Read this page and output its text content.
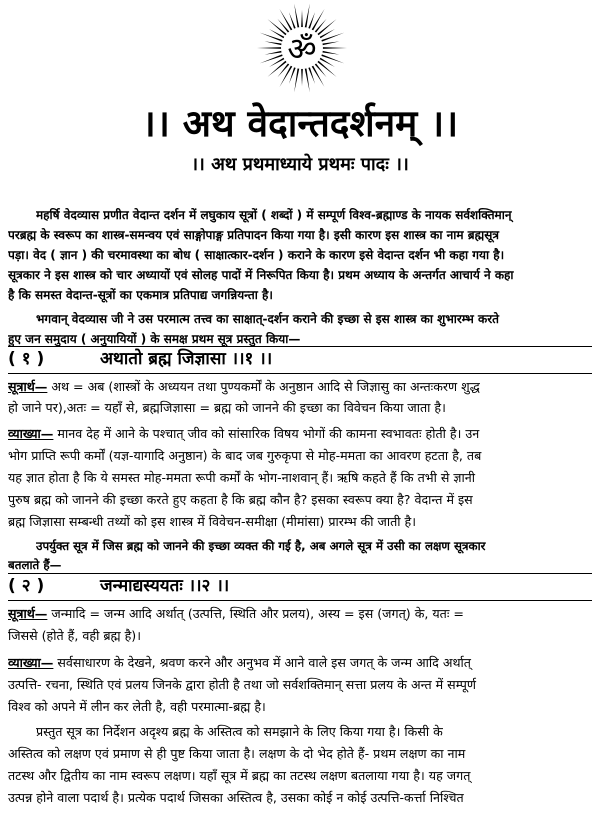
ॐ
।। अथ वेदान्तदर्शनम् ।।
।। अथ प्रथमाध्याये प्रथमः पादः ।।

महर्षि वेदव्यास प्रणीत वेदान्त दर्शन में लघुकाय सूत्रों ( शब्दों ) में सम्पूर्ण विश्व-ब्रह्माण्ड के नायक सर्वशक्तिमान्

परब्रह्म के स्वरूप का शास्त्र-समन्वय एवं साङ्गोपाङ्ग प्रतिपादन किया गया है। इसी कारण इस शास्त्र का नाम ब्रह्मसूत्र

पड़ा। वेद ( ज्ञान ) की चरमावस्था का बोध ( साक्षात्कार-दर्शन ) कराने के कारण इसे वेदान्त दर्शन भी कहा गया है।

सूत्रकार ने इस शास्त्र को चार अध्यायों एवं सोलह पादों में निरूपित किया है। प्रथम अध्याय के अन्तर्गत आचार्य ने कहा

है कि समस्त वेदान्त-सूत्रों का एकमात्र प्रतिपाद्य जगन्नियन्ता है।

भगवान् वेदव्यास जी ने उस परमात्म तत्त्व का साक्षात्-दर्शन कराने की इच्छा से इस शास्त्र का शुभारम्भ करते

हुए जन समुदाय ( अनुयायियों ) के समक्ष प्रथम सूत्र प्रस्तुत किया—

( १ )	अथातो ब्रह्म जिज्ञासा ।।१ ।।

सूत्रार्थ— अथ = अब (शास्त्रों के अध्ययन तथा पुण्यकर्मों के अनुष्ठान आदि से जिज्ञासु का अन्तःकरण शुद्ध

हो जाने पर),अतः = यहाँ से, ब्रह्मजिज्ञासा = ब्रह्म को जानने की इच्छा का विवेचन किया जाता है।

व्याख्या— मानव देह में आने के पश्चात् जीव को सांसारिक विषय भोगों की कामना स्वभावतः होती है। उन

भोग प्राप्ति रूपी कर्मों (यज्ञ-यागादि अनुष्ठान) के बाद जब गुरुकृपा से मोह-ममता का आवरण हटता है, तब

यह ज्ञात होता है कि ये समस्त मोह-ममता रूपी कर्मों के भोग-नाशवान् हैं। ऋषि कहते हैं कि तभी से ज्ञानी

पुरुष ब्रह्म को जानने की इच्छा करते हुए कहता है कि ब्रह्म कौन है? इसका स्वरूप क्या है? वेदान्त में इस

ब्रह्म जिज्ञासा सम्बन्धी तथ्यों को इस शास्त्र में विवेचन-समीक्षा (मीमांसा) प्रारम्भ की जाती है।

उपर्युक्त सूत्र में जिस ब्रह्म को जानने की इच्छा व्यक्त की गई है, अब अगले सूत्र में उसी का लक्षण सूत्रकार

बतलाते हैं—

( २ )	जन्माद्यस्ययतः ।।२ ।।

सूत्रार्थ— जन्मादि = जन्म आदि अर्थात् (उत्पत्ति, स्थिति और प्रलय), अस्य = इस (जगत्) के, यतः =

जिससे (होते हैं, वही ब्रह्म है)।

व्याख्या— सर्वसाधारण के देखने, श्रवण करने और अनुभव में आने वाले इस जगत् के जन्म आदि अर्थात्

उत्पत्ति- रचना, स्थिति एवं प्रलय जिनके द्वारा होती है तथा जो सर्वशक्तिमान् सत्ता प्रलय के अन्त में सम्पूर्ण

विश्व को अपने में लीन कर लेती है, वही परमात्मा-ब्रह्म है।

प्रस्तुत सूत्र का निर्देशन अदृश्य ब्रह्म के अस्तित्व को समझाने के लिए किया गया है। किसी के

अस्तित्व को लक्षण एवं प्रमाण से ही पुष्ट किया जाता है। लक्षण के दो भेद होते हैं- प्रथम लक्षण का नाम

तटस्थ और द्वितीय का नाम स्वरूप लक्षण। यहाँ सूत्र में ब्रह्म का तटस्थ लक्षण बतलाया गया है। यह जगत्

उत्पन्न होने वाला पदार्थ है। प्रत्येक पदार्थ जिसका अस्तित्व है, उसका कोई न कोई उत्पत्ति-कर्त्ता निश्चित
